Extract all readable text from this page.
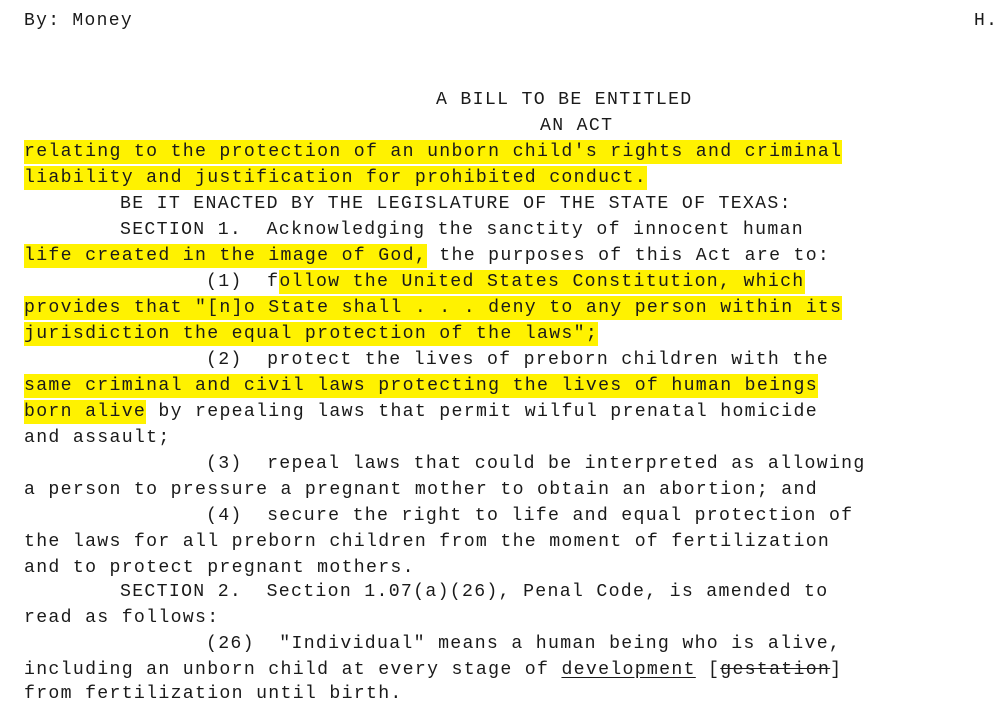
By: Money	H.
A BILL TO BE ENTITLED
AN ACT
relating to the protection of an unborn child's rights and criminal
liability and justification for prohibited conduct.
BE IT ENACTED BY THE LEGISLATURE OF THE STATE OF TEXAS:
SECTION 1.  Acknowledging the sanctity of innocent human
life created in the image of God, the purposes of this Act are to:
(1)  follow the United States Constitution, which
provides that "[n]o State shall . . . deny to any person within its
jurisdiction the equal protection of the laws";
(2)  protect the lives of preborn children with the
same criminal and civil laws protecting the lives of human beings
born alive by repealing laws that permit wilful prenatal homicide
and assault;
(3)  repeal laws that could be interpreted as allowing
a person to pressure a pregnant mother to obtain an abortion; and
(4)  secure the right to life and equal protection of
the laws for all preborn children from the moment of fertilization
and to protect pregnant mothers.
SECTION 2.  Section 1.07(a)(26), Penal Code, is amended to
read as follows:
(26)  "Individual" means a human being who is alive,
including an unborn child at every stage of development [gestation]
from fertilization until birth.
